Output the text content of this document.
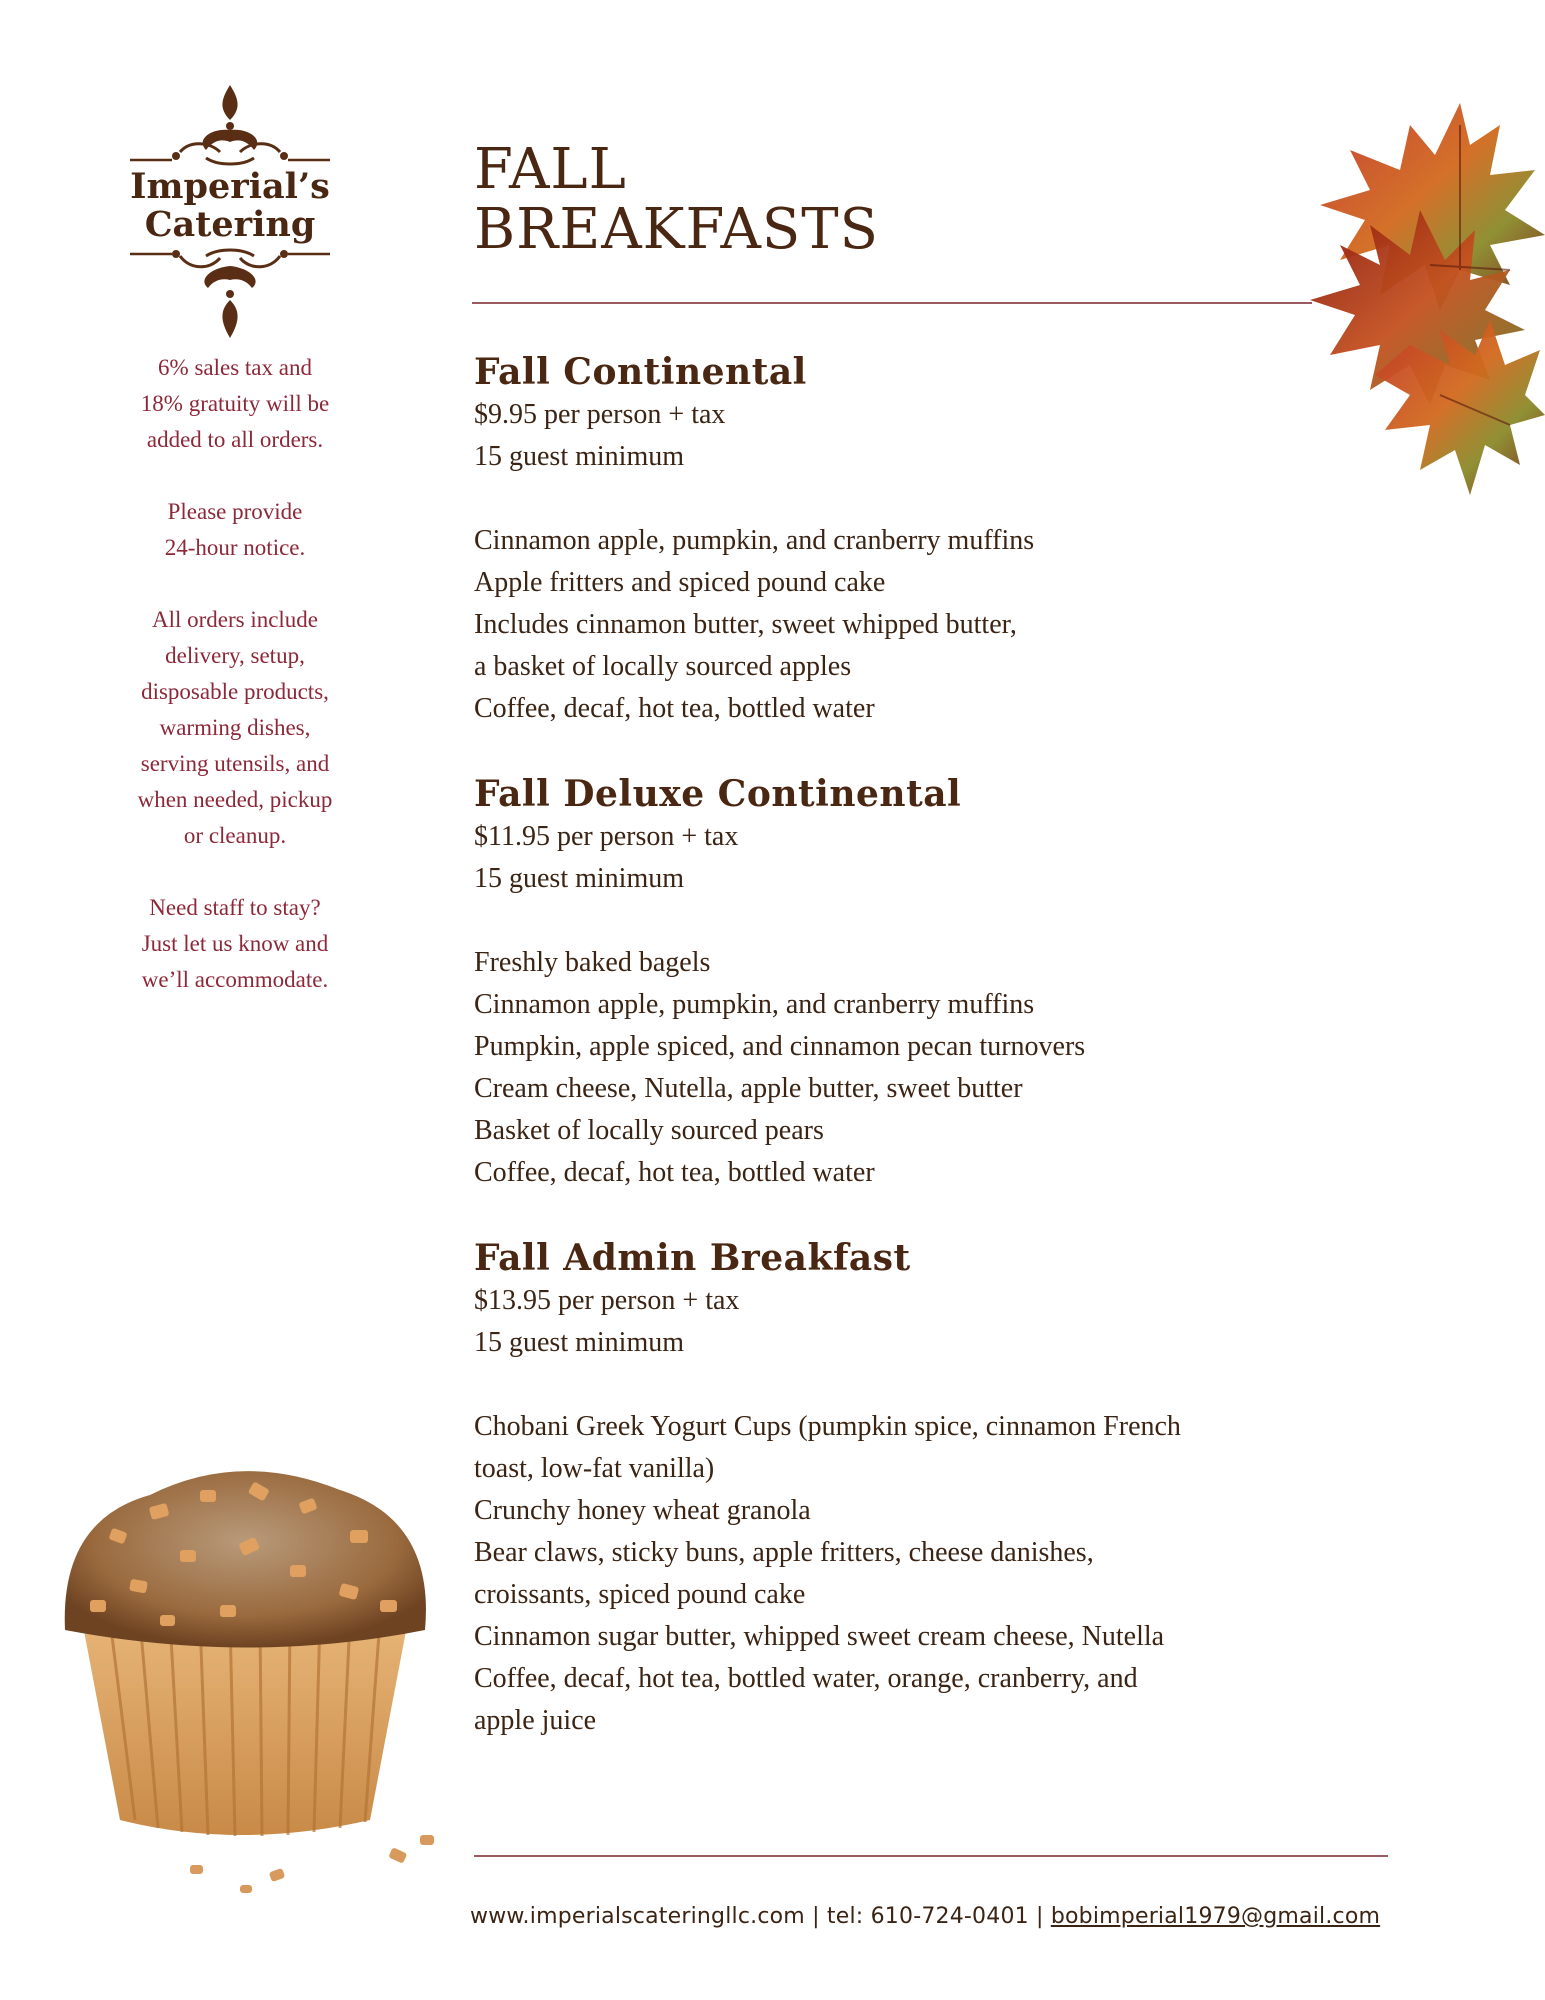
Imperial’s
Catering

6% sales tax and
18% gratuity will be
added to all orders.

Please provide
24-hour notice.

All orders include
delivery, setup,
disposable products,
warming dishes,
serving utensils, and
when needed, pickup
or cleanup.

Need staff to stay?
Just let us know and
we’ll accommodate.

FALL
BREAKFASTS
Fall Continental
$9.95 per person + tax
15 guest minimum
Cinnamon apple, pumpkin, and cranberry muffins
Apple fritters and spiced pound cake
Includes cinnamon butter, sweet whipped butter,
a basket of locally sourced apples
Coffee, decaf, hot tea, bottled water
Fall Deluxe Continental
$11.95 per person + tax
15 guest minimum
Freshly baked bagels
Cinnamon apple, pumpkin, and cranberry muffins
Pumpkin, apple spiced, and cinnamon pecan turnovers
Cream cheese, Nutella, apple butter, sweet butter
Basket of locally sourced pears
Coffee, decaf, hot tea, bottled water
Fall Admin Breakfast
$13.95 per person + tax
15 guest minimum
Chobani Greek Yogurt Cups (pumpkin spice, cinnamon French
toast, low-fat vanilla)
Crunchy honey wheat granola
Bear claws, sticky buns, apple fritters, cheese danishes,
croissants, spiced pound cake
Cinnamon sugar butter, whipped sweet cream cheese, Nutella
Coffee, decaf, hot tea, bottled water, orange, cranberry, and
apple juice
www.imperialscateringllc.com | tel: 610-724-0401 | bobimperial1979@gmail.com
